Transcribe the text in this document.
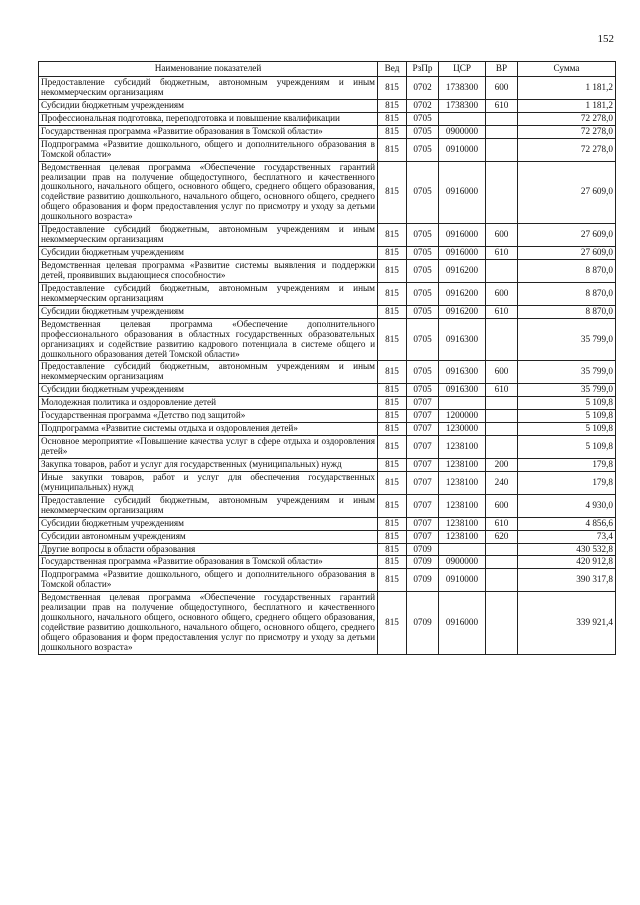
152
Наименование показателей	Вед	РзПр	ЦСР	ВР	Сумма
Предоставление субсидий бюджетным, автономным учреждениям и иным некоммерческим организациям	815	0702	1738300	600	1 181,2
Субсидии бюджетным учреждениям	815	0702	1738300	610	1 181,2
Профессиональная подготовка, переподготовка и повышение квалификации	815	0705			72 278,0
Государственная программа «Развитие образования в Томской области»	815	0705	0900000		72 278,0
Подпрограмма «Развитие дошкольного, общего и дополнительного образования в Томской области»	815	0705	0910000		72 278,0
Ведомственная целевая программа «Обеспечение государственных гарантий реализации прав на получение общедоступного, бесплатного и качественного дошкольного, начального общего, основного общего, среднего общего образования, содействие развитию дошкольного, начального общего, основного общего, среднего общего образования и форм предоставления услуг по присмотру и уходу за детьми дошкольного возраста»	815	0705	0916000		27 609,0
Предоставление субсидий бюджетным, автономным учреждениям и иным некоммерческим организациям	815	0705	0916000	600	27 609,0
Субсидии бюджетным учреждениям	815	0705	0916000	610	27 609,0
Ведомственная целевая программа «Развитие системы выявления и поддержки детей, проявивших выдающиеся способности»	815	0705	0916200		8 870,0
Предоставление субсидий бюджетным, автономным учреждениям и иным некоммерческим организациям	815	0705	0916200	600	8 870,0
Субсидии бюджетным учреждениям	815	0705	0916200	610	8 870,0
Ведомственная целевая программа «Обеспечение дополнительного профессионального образования в областных государственных образовательных организациях и содействие развитию кадрового потенциала в системе общего и дошкольного образования детей Томской области»	815	0705	0916300		35 799,0
Предоставление субсидий бюджетным, автономным учреждениям и иным некоммерческим организациям	815	0705	0916300	600	35 799,0
Субсидии бюджетным учреждениям	815	0705	0916300	610	35 799,0
Молодежная политика и оздоровление детей	815	0707			5 109,8
Государственная программа «Детство под защитой»	815	0707	1200000		5 109,8
Подпрограмма «Развитие системы отдыха и оздоровления детей»	815	0707	1230000		5 109,8
Основное мероприятие «Повышение качества услуг в сфере отдыха и оздоровления детей»	815	0707	1238100		5 109,8
Закупка товаров, работ и услуг для государственных (муниципальных) нужд	815	0707	1238100	200	179,8
Иные закупки товаров, работ и услуг для обеспечения государственных (муниципальных) нужд	815	0707	1238100	240	179,8
Предоставление субсидий бюджетным, автономным учреждениям и иным некоммерческим организациям	815	0707	1238100	600	4 930,0
Субсидии бюджетным учреждениям	815	0707	1238100	610	4 856,6
Субсидии автономным учреждениям	815	0707	1238100	620	73,4
Другие вопросы в области образования	815	0709			430 532,8
Государственная программа «Развитие образования в Томской области»	815	0709	0900000		420 912,8
Подпрограмма «Развитие дошкольного, общего и дополнительного образования в Томской области»	815	0709	0910000		390 317,8
Ведомственная целевая программа «Обеспечение государственных гарантий реализации прав на получение общедоступного, бесплатного и качественного дошкольного, начального общего, основного общего, среднего общего образования, содействие развитию дошкольного, начального общего, основного общего, среднего общего образования и форм предоставления услуг по присмотру и уходу за детьми дошкольного возраста»	815	0709	0916000		339 921,4
